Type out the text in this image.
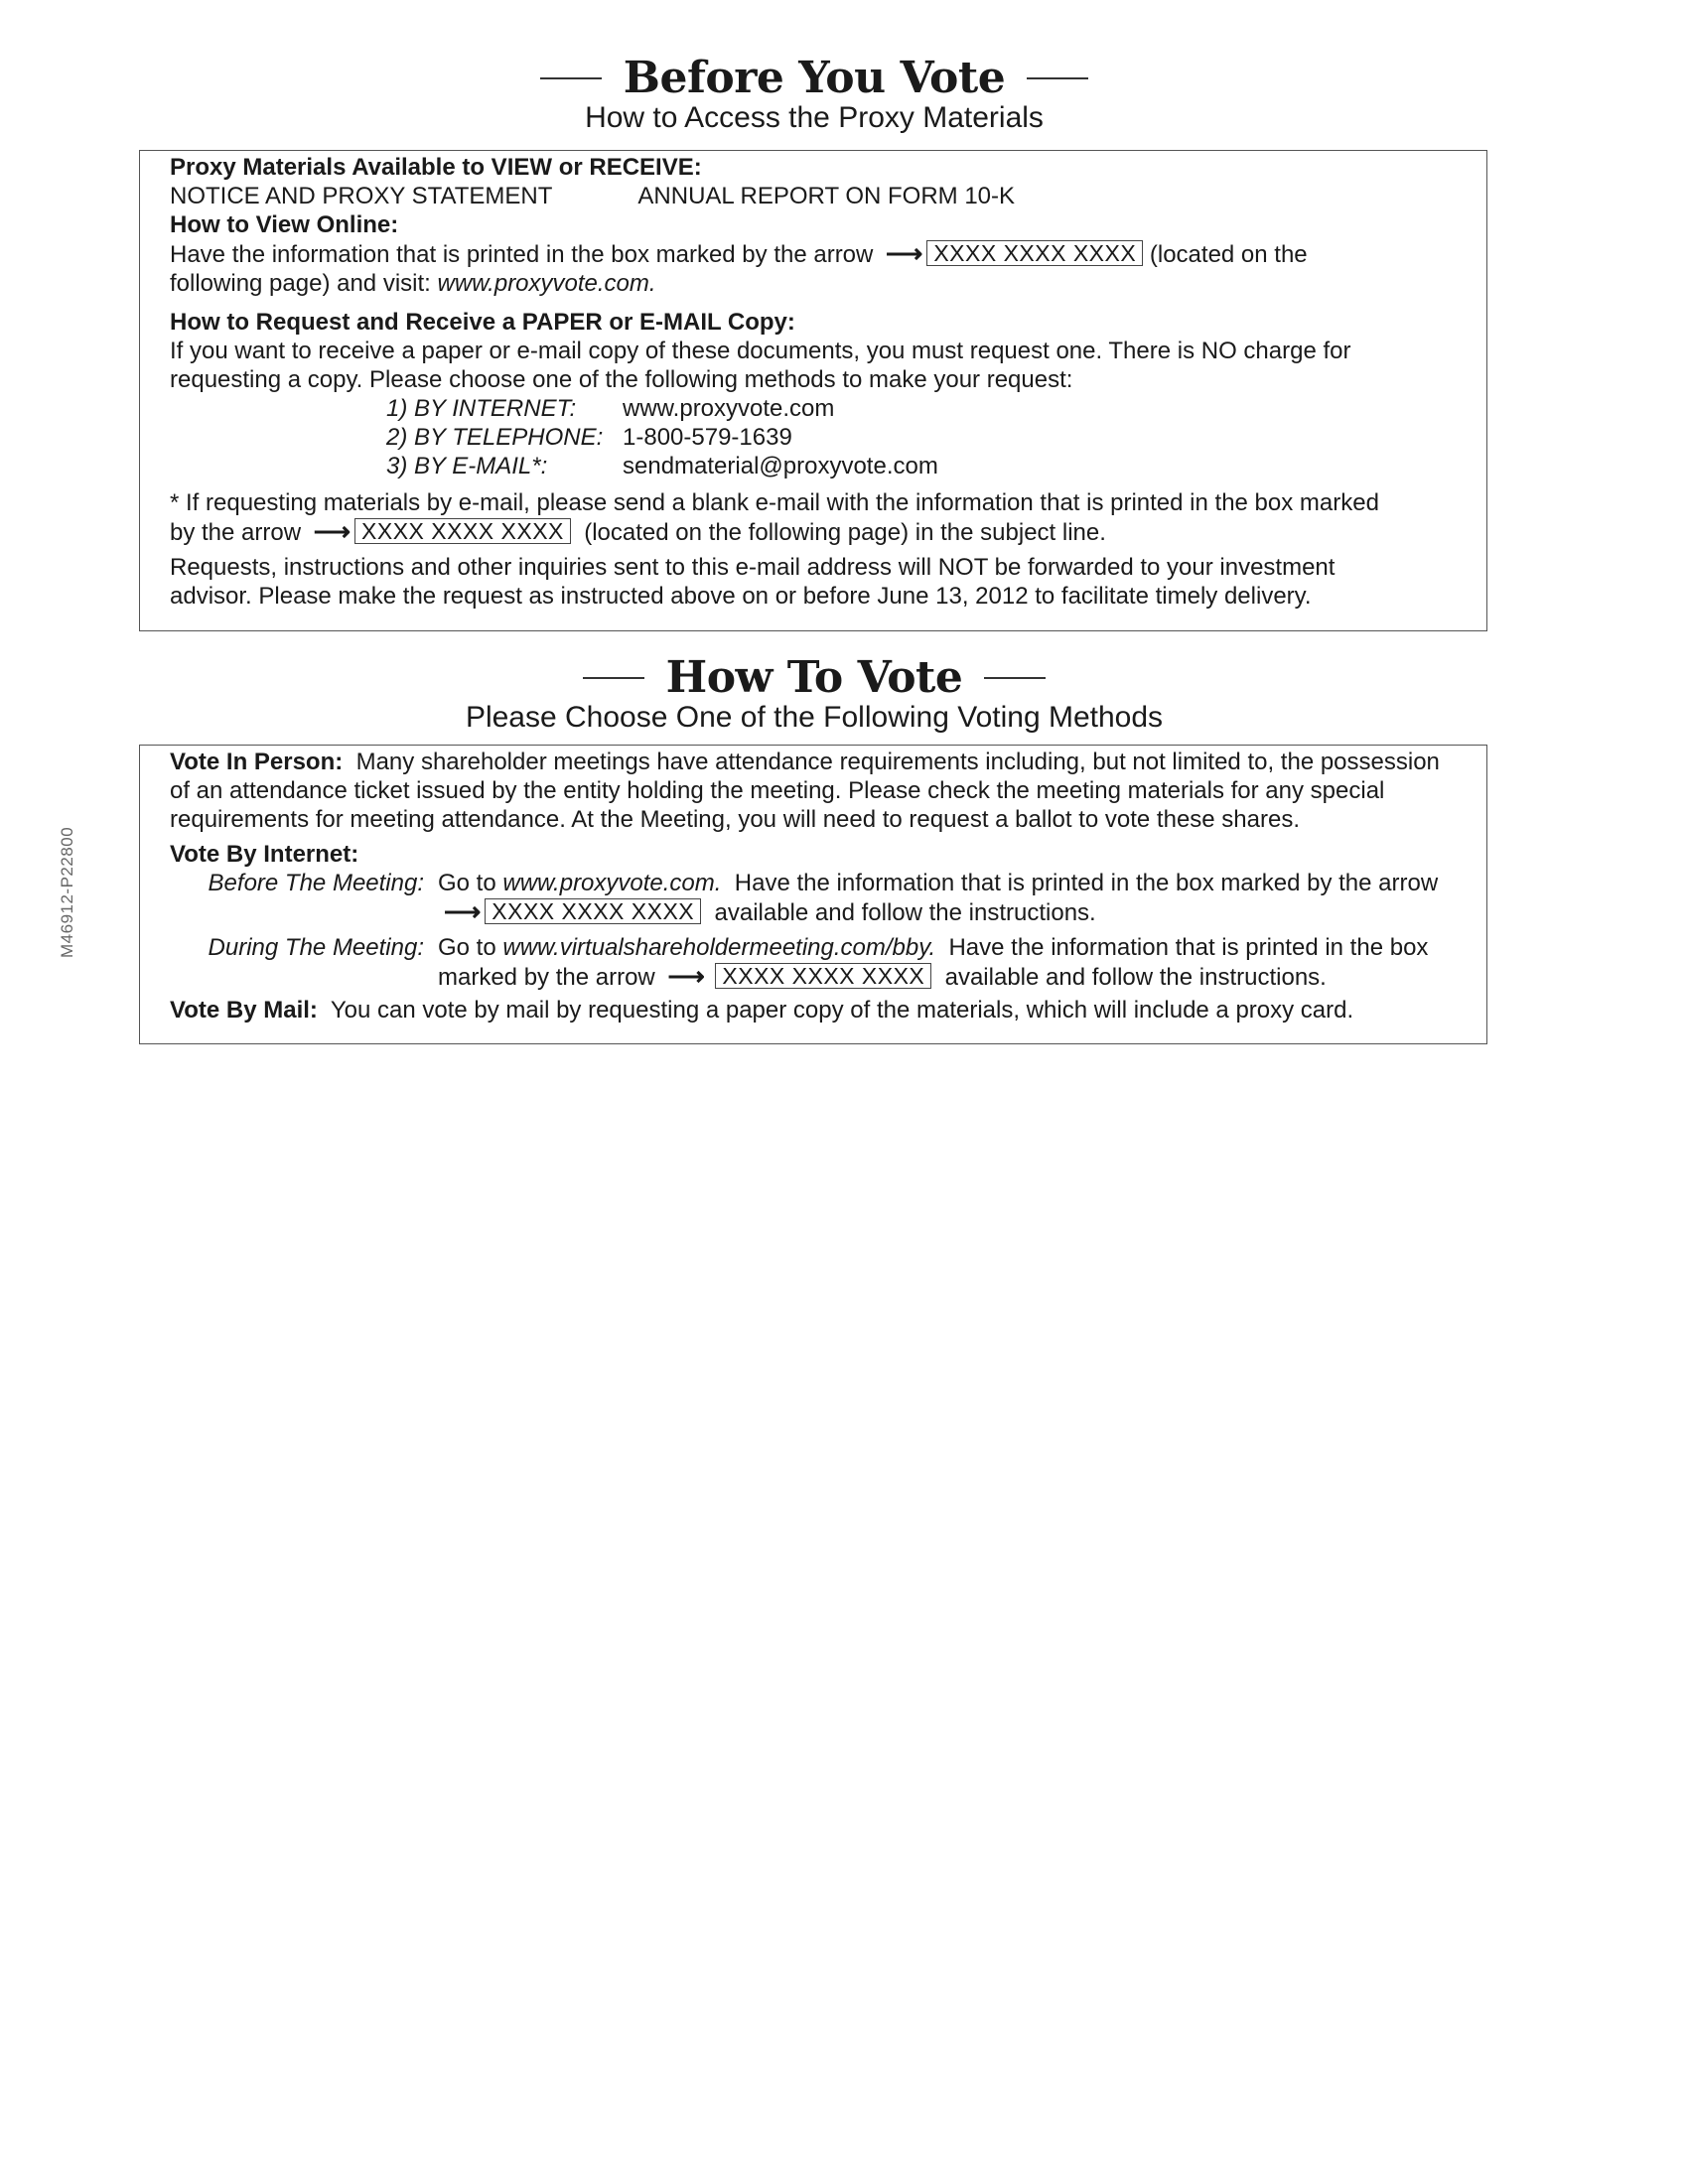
M46912-P22800
Before You Vote
How to Access the Proxy Materials
Proxy Materials Available to VIEW or RECEIVE:
NOTICE AND PROXY STATEMENT	ANNUAL REPORT ON FORM 10-K
How to View Online:
Have the information that is printed in the box marked by the arrow ⟶ XXXX XXXX XXXX (located on the
following page) and visit: www.proxyvote.com.
How to Request and Receive a PAPER or E-MAIL Copy:
If you want to receive a paper or e-mail copy of these documents, you must request one. There is NO charge for
requesting a copy. Please choose one of the following methods to make your request:
1) BY INTERNET:	www.proxyvote.com
2) BY TELEPHONE: 1-800-579-1639
3) BY E-MAIL*:	sendmaterial@proxyvote.com
* If requesting materials by e-mail, please send a blank e-mail with the information that is printed in the box marked
by the arrow ⟶ XXXX XXXX XXXX (located on the following page) in the subject line.
Requests, instructions and other inquiries sent to this e-mail address will NOT be forwarded to your investment
advisor. Please make the request as instructed above on or before June 13, 2012 to facilitate timely delivery.
How To Vote
Please Choose One of the Following Voting Methods
Vote In Person: Many shareholder meetings have attendance requirements including, but not limited to, the possession
of an attendance ticket issued by the entity holding the meeting. Please check the meeting materials for any special
requirements for meeting attendance. At the Meeting, you will need to request a ballot to vote these shares.
Vote By Internet:
Before The Meeting: Go to www.proxyvote.com. Have the information that is printed in the box marked by the arrow
⟶ XXXX XXXX XXXX available and follow the instructions.
During The Meeting: Go to www.virtualshareholdermeeting.com/bby. Have the information that is printed in the box
marked by the arrow ⟶ XXXX XXXX XXXX available and follow the instructions.
Vote By Mail: You can vote by mail by requesting a paper copy of the materials, which will include a proxy card.
